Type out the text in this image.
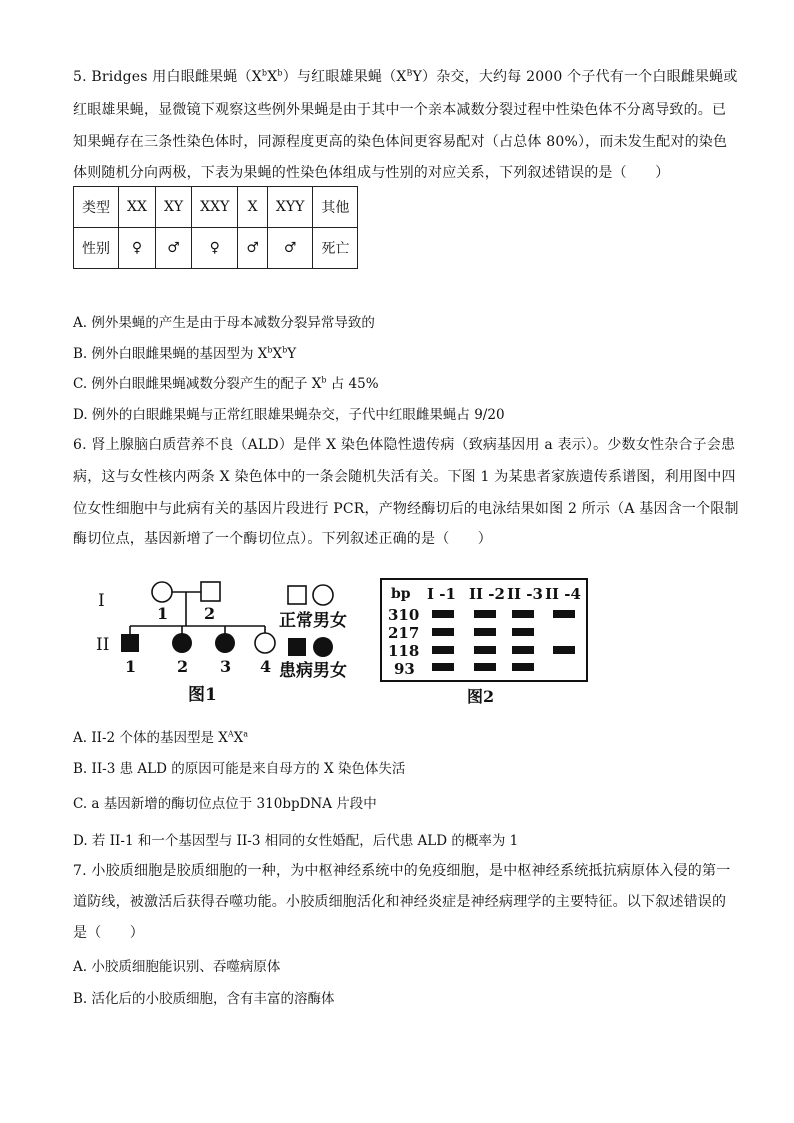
5. Bridges 用白眼雌果蝇$(X^bX^b)$与红眼雄果蝇$(X^BY)$杂交，大约每 2000 个子代有一个白眼雌果蝇或
红眼雄果蝇，显微镜下观察这些例外果蝇是由于其中一个亲本减数分裂过程中性染色体不分离导致的。已
知果蝇存在三条性染色体时，同源程度更高的染色体间更容易配对（占总体 80%），而未发生配对的染色
体则随机分向两极，下表为果蝇的性染色体组成与性别的对应关系，下列叙述错误的是（　　）
类型	XX	XY	XXY	X	XYY	其他
性别	♀	♂	♀	♂	♂	死亡
A. 例外果蝇的产生是由于母本减数分裂异常导致的
B. 例外白眼雌果蝇的基因型为 $X^bX^bY$
C. 例外白眼雌果蝇减数分裂产生的配子 $X^b$ 占 45%
D. 例外的白眼雌果蝇与正常红眼雄果蝇杂交，子代中红眼雌果蝇占 9/20
6. 肾上腺脑白质营养不良（ALD）是伴 X 染色体隐性遗传病（致病基因用 a 表示）。少数女性杂合子会患
病，这与女性核内两条 X 染色体中的一条会随机失活有关。下图 1 为某患者家族遗传系谱图，利用图中四
位女性细胞中与此病有关的基因片段进行 PCR，产物经酶切后的电泳结果如图 2 所示（A 基因含一个限制
酶切位点，基因新增了一个酶切位点）。下列叙述正确的是（　　）
I
II
1 2
1	2 3 4
正常男女
患病男女
图1
bp I -1 II -2 II -3 II -4
310
217
118
93
图2
A. II-2 个体的基因型是 $X^AX^a$
B. II-3 患 ALD 的原因可能是来自母方的 X 染色体失活
C. a 基因新增的酶切位点位于 310bpDNA 片段中
D. 若 II-1 和一个基因型与 II-3 相同的女性婚配，后代患 ALD 的概率为 1
7. 小胶质细胞是胶质细胞的一种，为中枢神经系统中的免疫细胞，是中枢神经系统抵抗病原体入侵的第一
道防线，被激活后获得吞噬功能。小胶质细胞活化和神经炎症是神经病理学的主要特征。以下叙述错误的
是（　　）
A. 小胶质细胞能识别、吞噬病原体
B. 活化后的小胶质细胞，含有丰富的溶酶体
